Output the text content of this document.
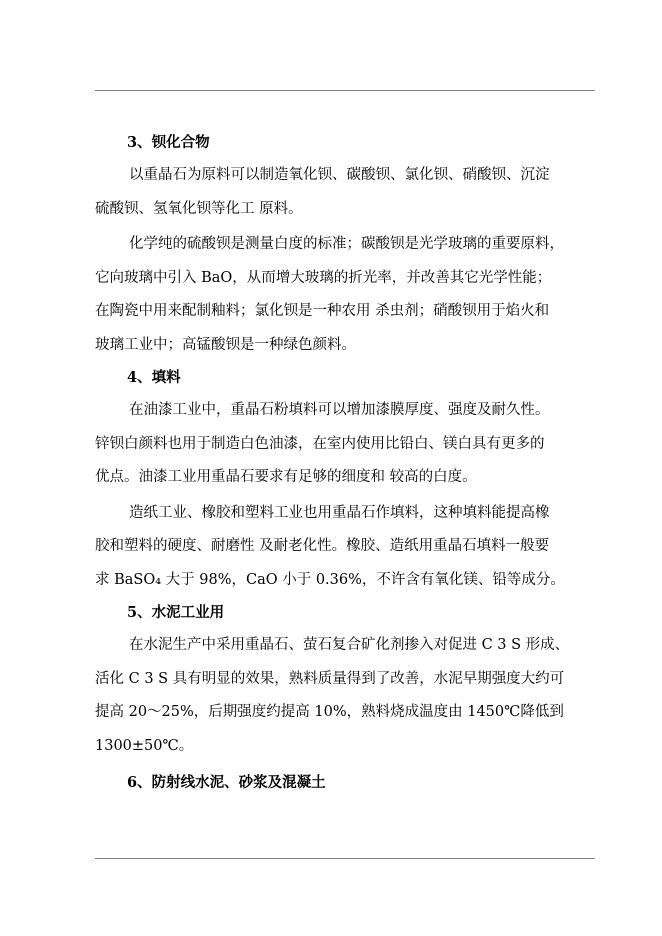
3、钡化合物

以重晶石为原料可以制造氧化钡、碳酸钡、氯化钡、硝酸钡、沉淀
硫酸钡、氢氧化钡等化工 原料。

化学纯的硫酸钡是测量白度的标准；碳酸钡是光学玻璃的重要原料，
它向玻璃中引入 BaO，从而增大玻璃的折光率，并改善其它光学性能；
在陶瓷中用来配制釉料；氯化钡是一种农用 杀虫剂；硝酸钡用于焰火和
玻璃工业中；高锰酸钡是一种绿色颜料。

4、填料

在油漆工业中，重晶石粉填料可以增加漆膜厚度、强度及耐久性。
锌钡白颜料也用于制造白色油漆，在室内使用比铅白、镁白具有更多的
优点。油漆工业用重晶石要求有足够的细度和 较高的白度。

造纸工业、橡胶和塑料工业也用重晶石作填料，这种填料能提高橡
胶和塑料的硬度、耐磨性 及耐老化性。橡胶、造纸用重晶石填料一般要
求 BaSO₄ 大于 98%，CaO 小于 0.36%，不许含有氧化镁、铅等成分。

5、水泥工业用

在水泥生产中采用重晶石、萤石复合矿化剂掺入对促进 C 3 S 形成、
活化 C 3 S 具有明显的效果，熟料质量得到了改善，水泥早期强度大约可
提高 20～25%，后期强度约提高 10%，熟料烧成温度由 1450℃降低到
1300±50℃。

6、防射线水泥、砂浆及混凝土
